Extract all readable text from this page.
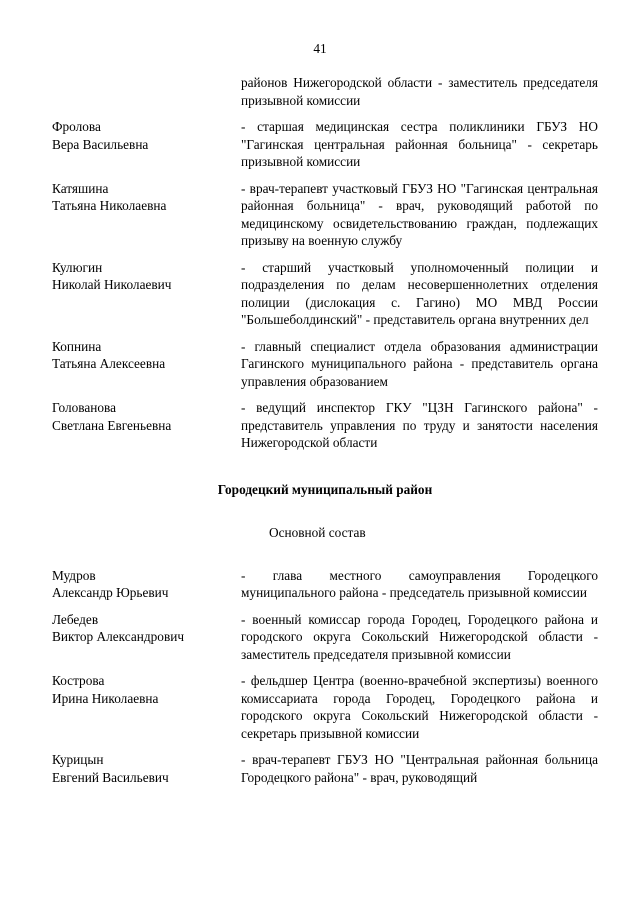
41
районов Нижегородской области - заместитель председателя призывной комиссии
Фролова
Вера Васильевна
- старшая медицинская сестра поликлиники ГБУЗ НО "Гагинская центральная районная больница" - секретарь призывной комиссии
Катяшина
Татьяна Николаевна
- врач-терапевт участковый ГБУЗ НО "Гагинская центральная районная больница" - врач, руководящий работой по медицинскому освидетельствованию граждан, подлежащих призыву на военную службу
Кулюгин
Николай Николаевич
- старший участковый уполномоченный полиции и подразделения по делам несовершеннолетних отделения полиции (дислокация с. Гагино) МО МВД России "Большеболдинский" - представитель органа внутренних дел
Копнина
Татьяна Алексеевна
- главный специалист отдела образования администрации Гагинского муниципального района - представитель органа управления образованием
Голованова
Светлана Евгеньевна
- ведущий инспектор ГКУ "ЦЗН Гагинского района" - представитель управления по труду и занятости населения Нижегородской области
Городецкий муниципальный район
Основной состав
Мудров
Александр Юрьевич
- глава местного самоуправления Городецкого муниципального района - председатель призывной комиссии
Лебедев
Виктор Александрович
- военный комиссар города Городец, Городецкого района и городского округа Сокольский Нижегородской области - заместитель председателя призывной комиссии
Кострова
Ирина Николаевна
- фельдшер Центра (военно-врачебной экспертизы) военного комиссариата города Городец, Городецкого района и городского округа Сокольский Нижегородской области - секретарь призывной комиссии
Курицын
Евгений Васильевич
- врач-терапевт ГБУЗ НО "Центральная районная больница Городецкого района" - врач, руководящий
